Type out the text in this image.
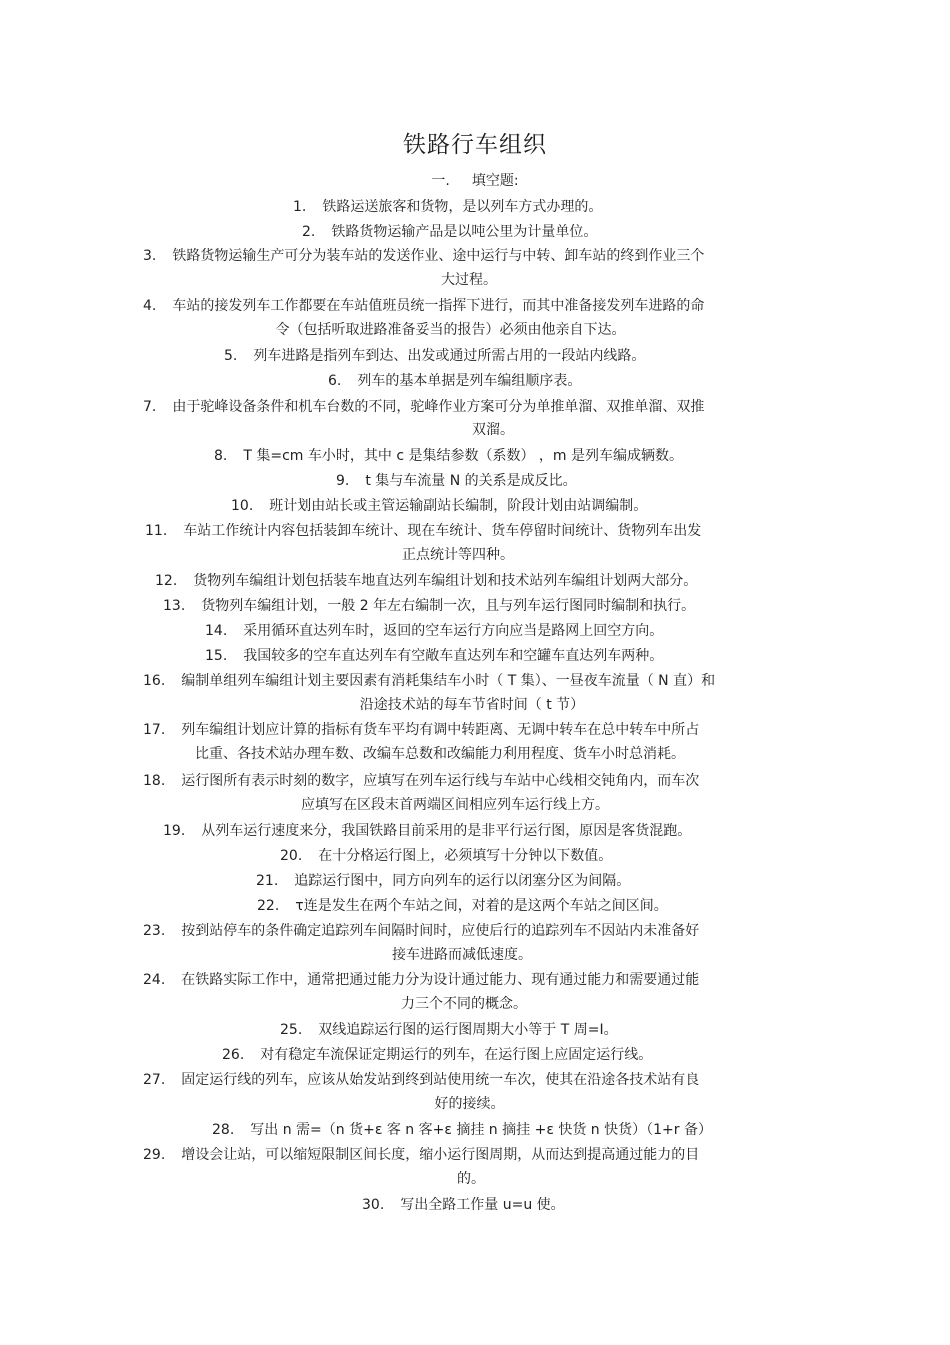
铁路行车组织
一. 填空题:
1. 铁路运送旅客和货物，是以列车方式办理的。
2. 铁路货物运输产品是以吨公里为计量单位。
3. 铁路货物运输生产可分为装车站的发送作业、途中运行与中转、卸车站的终到作业三个
大过程。
4. 车站的接发列车工作都要在车站值班员统一指挥下进行，而其中准备接发列车进路的命
令（包括听取进路准备妥当的报告）必须由他亲自下达。
5. 列车进路是指列车到达、出发或通过所需占用的一段站内线路。
6. 列车的基本单据是列车编组顺序表。
7. 由于驼峰设备条件和机车台数的不同，驼峰作业方案可分为单推单溜、双推单溜、双推
双溜。
8. T 集=cm 车小时，其中 c 是集结参数（系数） ，m 是列车编成辆数。
9. t 集与车流量 N 的关系是成反比。
10. 班计划由站长或主管运输副站长编制，阶段计划由站调编制。
11. 车站工作统计内容包括装卸车统计、现在车统计、货车停留时间统计、货物列车出发
正点统计等四种。
12. 货物列车编组计划包括装车地直达列车编组计划和技术站列车编组计划两大部分。
13. 货物列车编组计划，一般 2 年左右编制一次，且与列车运行图同时编制和执行。
14. 采用循环直达列车时，返回的空车运行方向应当是路网上回空方向。
15. 我国较多的空车直达列车有空敞车直达列车和空罐车直达列车两种。
16. 编制单组列车编组计划主要因素有消耗集结车小时（ T 集）、一昼夜车流量（ N 直）和
沿途技术站的每车节省时间（ t 节）
17. 列车编组计划应计算的指标有货车平均有调中转距离、无调中转车在总中转车中所占
比重、各技术站办理车数、改编车总数和改编能力利用程度、货车小时总消耗。
18. 运行图所有表示时刻的数字，应填写在列车运行线与车站中心线相交钝角内，而车次
应填写在区段末首两端区间相应列车运行线上方。
19. 从列车运行速度来分，我国铁路目前采用的是非平行运行图，原因是客货混跑。
20. 在十分格运行图上，必须填写十分钟以下数值。
21. 追踪运行图中，同方向列车的运行以闭塞分区为间隔。
22. τ连是发生在两个车站之间，对着的是这两个车站之间区间。
23. 按到站停车的条件确定追踪列车间隔时间时，应使后行的追踪列车不因站内未准备好
接车进路而减低速度。
24. 在铁路实际工作中，通常把通过能力分为设计通过能力、现有通过能力和需要通过能
力三个不同的概念。
25. 双线追踪运行图的运行图周期大小等于 T 周=I。
26. 对有稳定车流保证定期运行的列车，在运行图上应固定运行线。
27. 固定运行线的列车，应该从始发站到终到站使用统一车次，使其在沿途各技术站有良
好的接续。
28. 写出 n 需=（n 货+ε 客 n 客+ε 摘挂 n 摘挂 +ε 快货 n 快货）（1+r 备）
29. 增设会让站，可以缩短限制区间长度，缩小运行图周期，从而达到提高通过能力的目
的。
30. 写出全路工作量 u=u 使。
